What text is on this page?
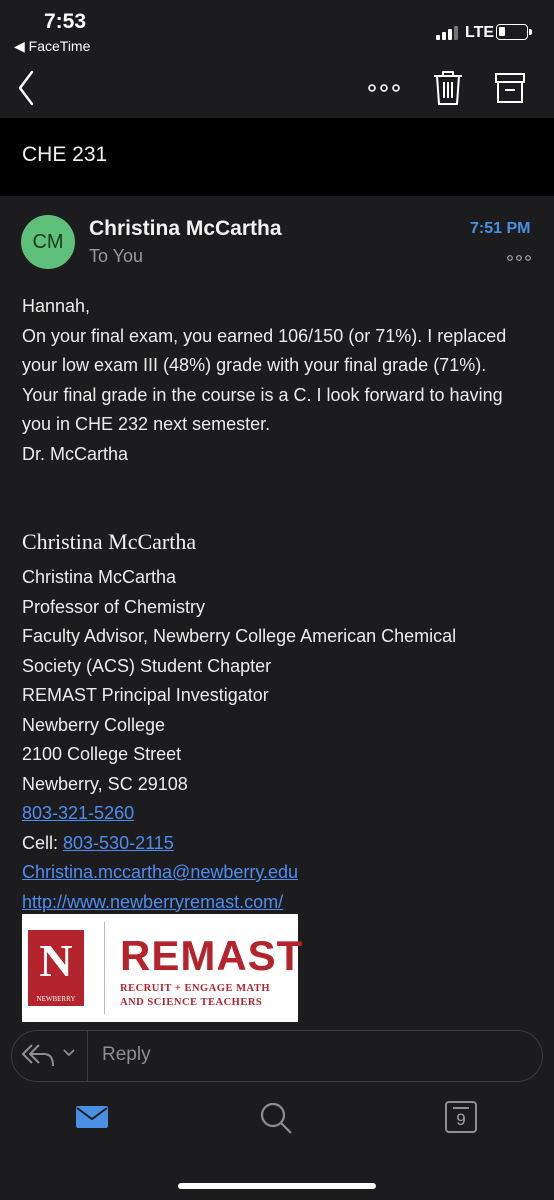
7:53
◀ FaceTime
LTE
CHE 231
CM
Christina McCartha
To You
7:51 PM
Hannah,
On your final exam, you earned 106/150 (or 71%). I replaced
your low exam III (48%) grade with your final grade (71%).
Your final grade in the course is a C. I look forward to having
you in CHE 232 next semester.
Dr. McCartha
Christina McCartha
Christina McCartha
Professor of Chemistry
Faculty Advisor, Newberry College American Chemical
Society (ACS) Student Chapter
REMAST Principal Investigator
Newberry College
2100 College Street
Newberry, SC 29108
803-321-5260
Cell: 803-530-2115
Christina.mccartha@newberry.edu
http://www.newberryremast.com/
N
NEWBERRY
REMAST
RECRUIT + ENGAGE MATH
AND SCIENCE TEACHERS
Reply
9
